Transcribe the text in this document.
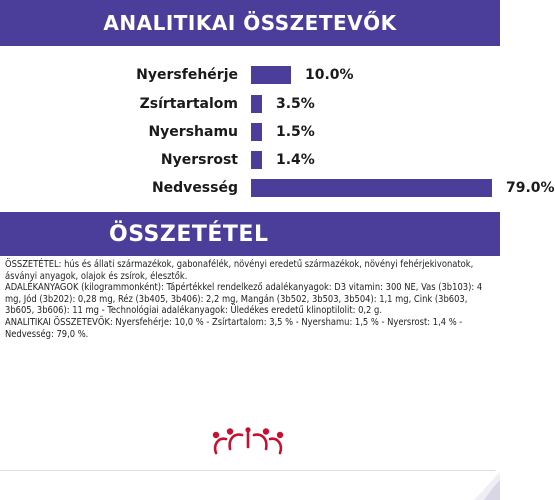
ANALITIKAI ÖSSZETEVŐK
Nyersfehérje	10.0%
Zsírtartalom	3.5%
Nyershamu	1.5%
Nyersrost	1.4%
Nedvesség	79.0%
ÖSSZETÉTEL

ÖSSZETÉTEL: hús és állati származékok, gabonafélék, növényi eredetű származékok, növényi fehérjekivonatok, ásványi anyagok, olajok és zsírok, élesztők.

ADALÉKANYAGOK (kilogrammonként): Tápértékkel rendelkező adalékanyagok: D3 vitamin: 300 NE, Vas (3b103): 4 mg, Jód (3b202): 0,28 mg, Réz (3b405, 3b406): 2,2 mg, Mangán (3b502, 3b503, 3b504): 1,1 mg, Cink (3b603, 3b605, 3b606): 11 mg - Technológiai adalékanyagok: Üledékes eredetű klinoptilolit: 0,2 g.

ANALITIKAI ÖSSZETEVŐK: Nyersfehérje: 10,0 % - Zsírtartalom: 3,5 % - Nyershamu: 1,5 % - Nyersrost: 1,4 % - Nedvesség: 79,0 %.
